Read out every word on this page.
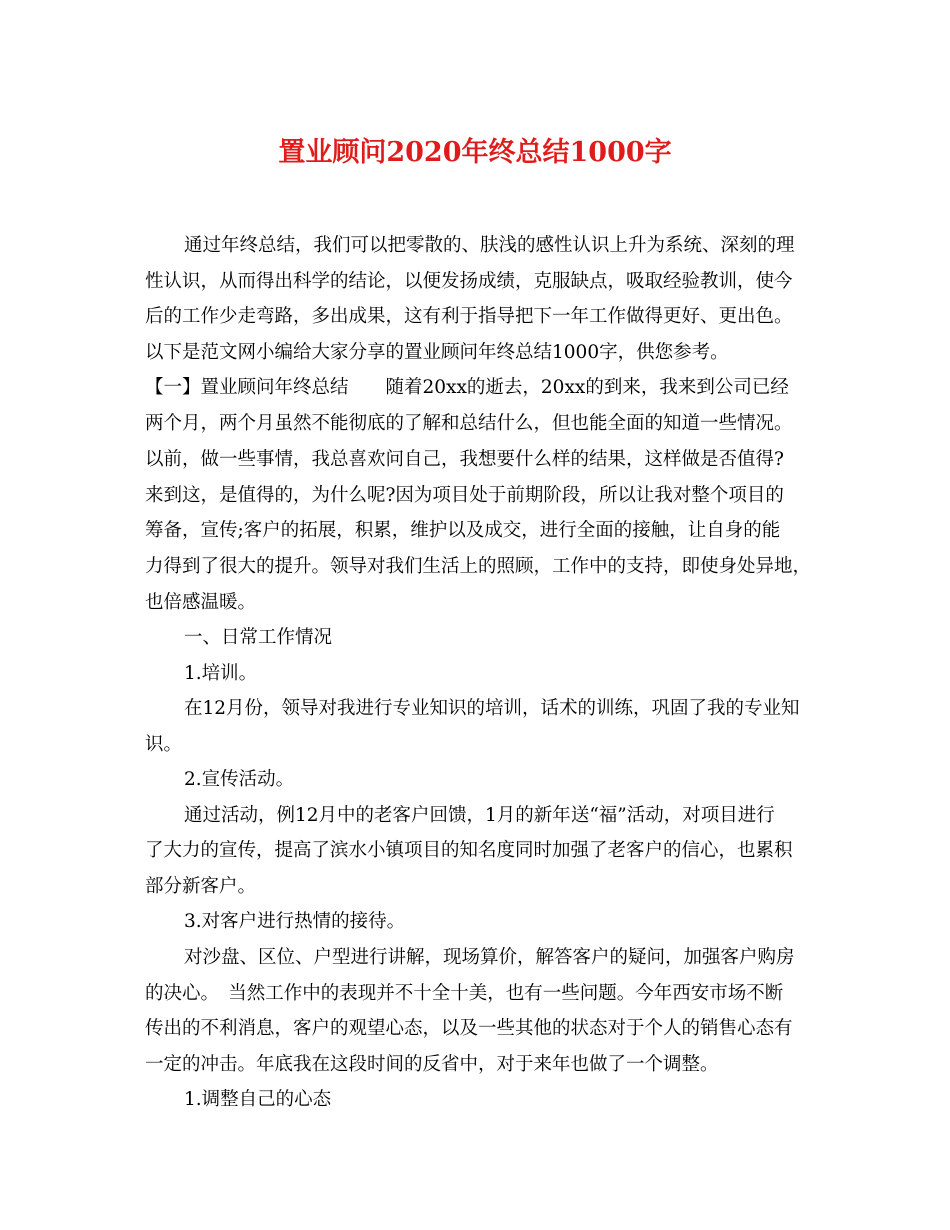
置业顾问2020年终总结1000字
通过年终总结，我们可以把零散的、肤浅的感性认识上升为系统、深刻的理
性认识，从而得出科学的结论，以便发扬成绩，克服缺点，吸取经验教训，使今
后的工作少走弯路，多出成果，这有利于指导把下一年工作做得更好、更出色。
以下是范文网小编给大家分享的置业顾问年终总结1000字，供您参考。
【一】置业顾问年终总结　　随着20xx的逝去，20xx的到来，我来到公司已经
两个月，两个月虽然不能彻底的了解和总结什么，但也能全面的知道一些情况。
以前，做一些事情，我总喜欢问自己，我想要什么样的结果，这样做是否值得?
来到这，是值得的，为什么呢?因为项目处于前期阶段，所以让我对整个项目的
筹备，宣传;客户的拓展，积累，维护以及成交，进行全面的接触，让自身的能
力得到了很大的提升。领导对我们生活上的照顾，工作中的支持，即使身处异地，
也倍感温暖。
一、日常工作情况
1.培训。
在12月份，领导对我进行专业知识的培训，话术的训练，巩固了我的专业知
识。
2.宣传活动。
通过活动，例12月中的老客户回馈，1月的新年送“福”活动，对项目进行
了大力的宣传，提高了滨水小镇项目的知名度同时加强了老客户的信心，也累积
部分新客户。
3.对客户进行热情的接待。
对沙盘、区位、户型进行讲解，现场算价，解答客户的疑问，加强客户购房
的决心。　当然工作中的表现并不十全十美，也有一些问题。今年西安市场不断
传出的不利消息，客户的观望心态，以及一些其他的状态对于个人的销售心态有
一定的冲击。年底我在这段时间的反省中，对于来年也做了一个调整。
1.调整自己的心态
